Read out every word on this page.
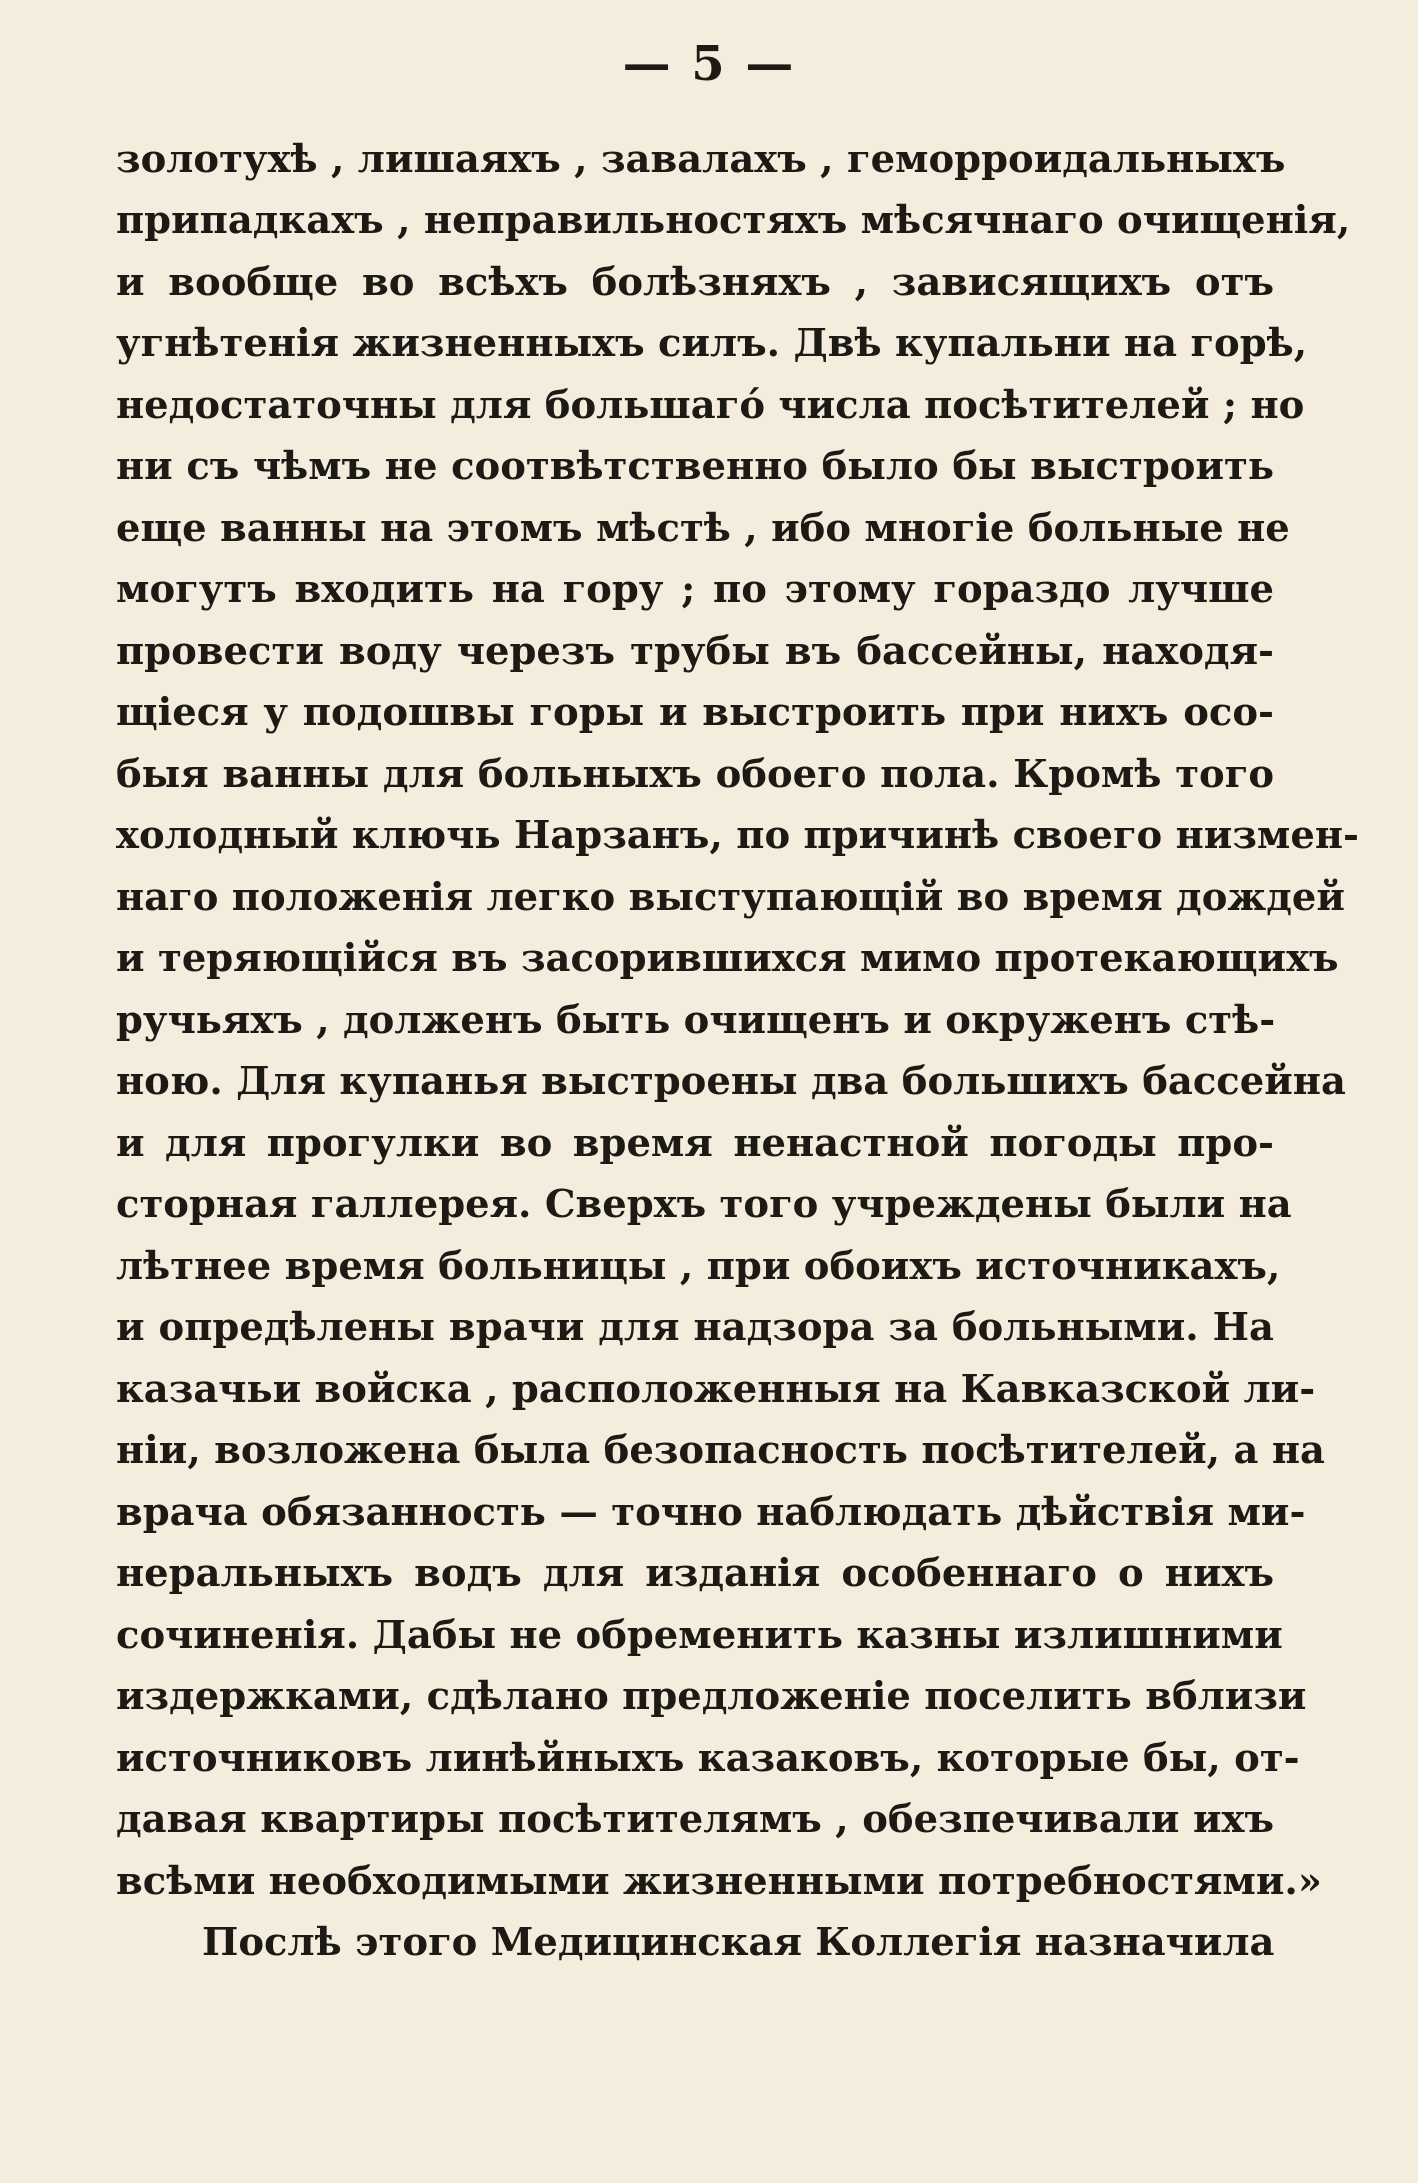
— 5 —
золотухѣ , лишаяхъ , завалахъ , геморроидальныхъ
припадкахъ , неправильностяхъ мѣсячнаго очищенія,
и вообще во всѣхъ болѣзняхъ , зависящихъ отъ
угнѣтенія жизненныхъ силъ. Двѣ купальни на горѣ,
недостаточны для большагó числа посѣтителей ; но
ни съ чѣмъ не соотвѣтственно было бы выстроить
еще ванны на этомъ мѣстѣ , ибо многіе больные не
могутъ входить на гору ; по этому гораздо лучше
провести воду черезъ трубы въ бассейны, находя-
щіеся у подошвы горы и выстроить при нихъ осо-
быя ванны для больныхъ обоего пола. Кромѣ того
холодный ключь Нарзанъ, по причинѣ своего низмен-
наго положенія легко выступающій во время дождей
и теряющійся въ засорившихся мимо протекающихъ
ручьяхъ , долженъ быть очищенъ и окруженъ стѣ-
ною. Для купанья выстроены два большихъ бассейна
и для прогулки во время ненастной погоды про-
сторная галлерея. Сверхъ того учреждены были на
лѣтнее время больницы , при обоихъ источникахъ,
и опредѣлены врачи для надзора за больными. На
казачьи войска , расположенныя на Кавказской ли-
ніи, возложена была безопасность посѣтителей, а на
врача обязанность — точно наблюдать дѣйствія ми-
неральныхъ водъ для изданія особеннаго о нихъ
сочиненія. Дабы не обременить казны излишними
издержками, сдѣлано предложеніе поселить вблизи
источниковъ линѣйныхъ казаковъ, которые бы, от-
давая квартиры посѣтителямъ , обезпечивали ихъ
всѣми необходимыми жизненными потребностями.»
Послѣ этого Медицинская Коллегія назначила
